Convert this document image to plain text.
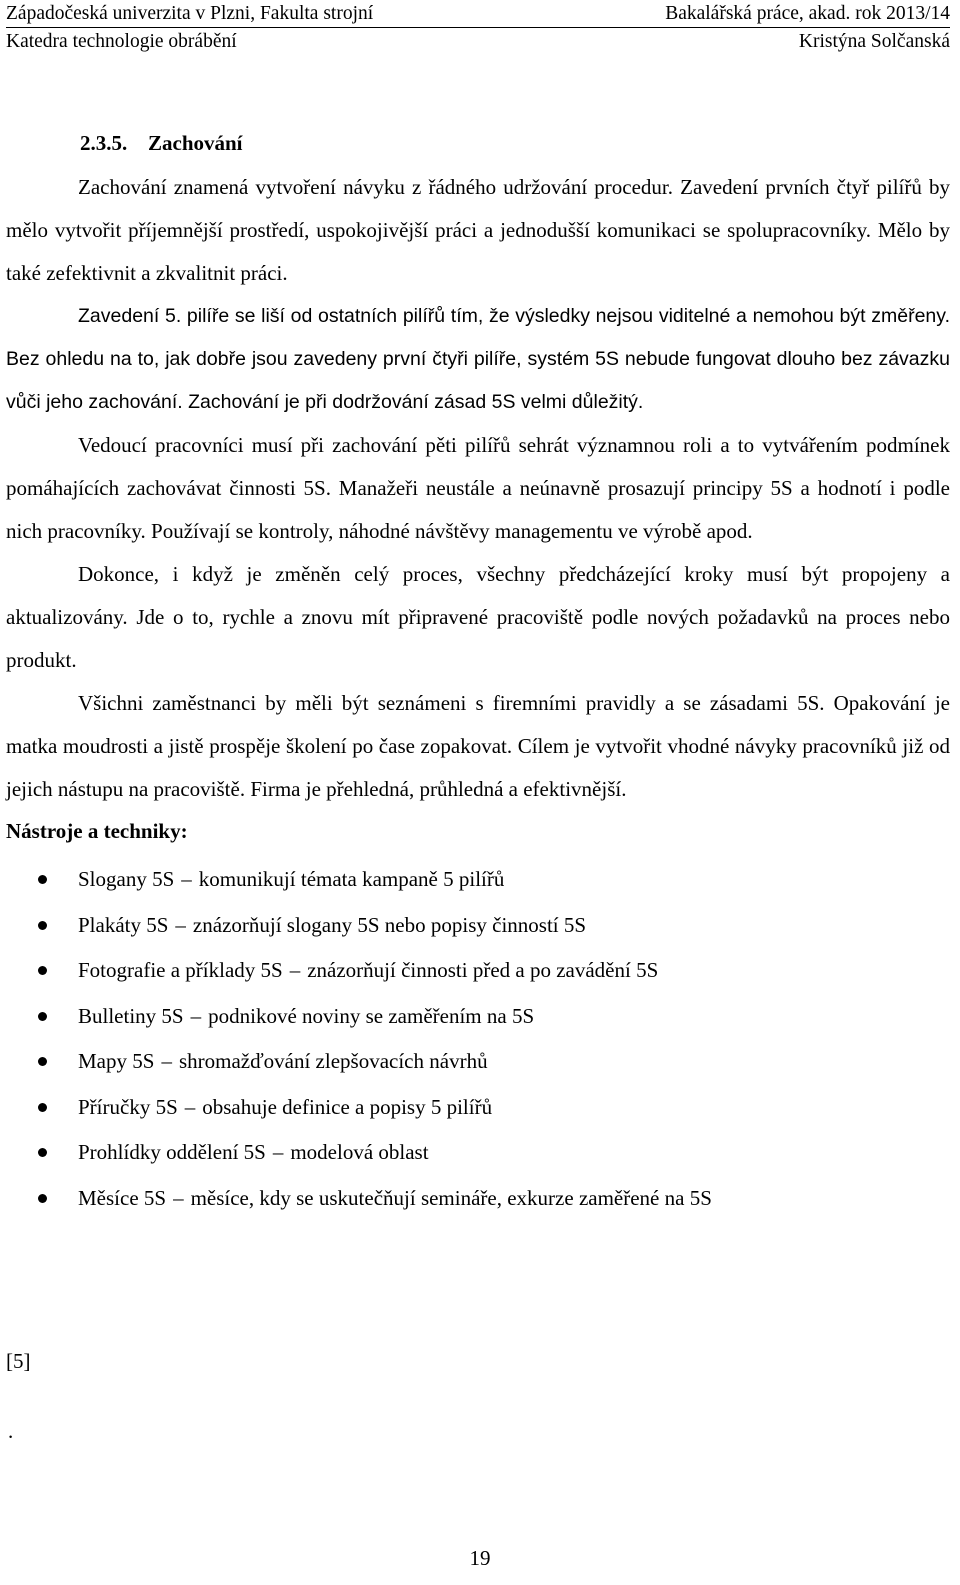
Západočeská univerzita v Plzni, Fakulta strojní	Bakalářská práce, akad. rok 2013/14
Katedra technologie obrábění	Kristýna Solčanská
2.3.5. Zachování

Zachování znamená vytvoření návyku z řádného udržování procedur. Zavedení prvních čtyř pilířů by mělo vytvořit příjemnější prostředí, uspokojivější práci a jednodušší komunikaci se spolupracovníky. Mělo by také zefektivnit a zkvalitnit práci.

Zavedení 5. pilíře se liší od ostatních pilířů tím, že výsledky nejsou viditelné a nemohou být změřeny. Bez ohledu na to, jak dobře jsou zavedeny první čtyři pilíře, systém 5S nebude fungovat dlouho bez závazku vůči jeho zachování. Zachování je při dodržování zásad 5S velmi důležitý.

Vedoucí pracovníci musí při zachování pěti pilířů sehrát významnou roli a to vytvářením podmínek pomáhajících zachovávat činnosti 5S. Manažeři neustále a neúnavně prosazují principy 5S a hodnotí i podle nich pracovníky. Používají se kontroly, náhodné návštěvy managementu ve výrobě apod.

Dokonce, i když je změněn celý proces, všechny předcházející kroky musí být propojeny a aktualizovány. Jde o to, rychle a znovu mít připravené pracoviště podle nových požadavků na proces nebo produkt.

Všichni zaměstnanci by měli být seznámeni s firemními pravidly a se zásadami 5S. Opakování je matka moudrosti a jistě prospěje školení po čase zopakovat. Cílem je vytvořit vhodné návyky pracovníků již od jejich nástupu na pracoviště. Firma je přehledná, průhledná a efektivnější.

Nástroje a techniky:
Slogany 5S – komunikují témata kampaně 5 pilířů
Plakáty 5S – znázorňují slogany 5S nebo popisy činností 5S
Fotografie a příklady 5S – znázorňují činnosti před a po zavádění 5S
Bulletiny 5S – podnikové noviny se zaměřením na 5S
Mapy 5S – shromažďování zlepšovacích návrhů
Příručky 5S – obsahuje definice a popisy 5 pilířů
Prohlídky oddělení 5S – modelová oblast
Měsíce 5S – měsíce, kdy se uskutečňují semináře, exkurze zaměřené na 5S
[5]
.
19
